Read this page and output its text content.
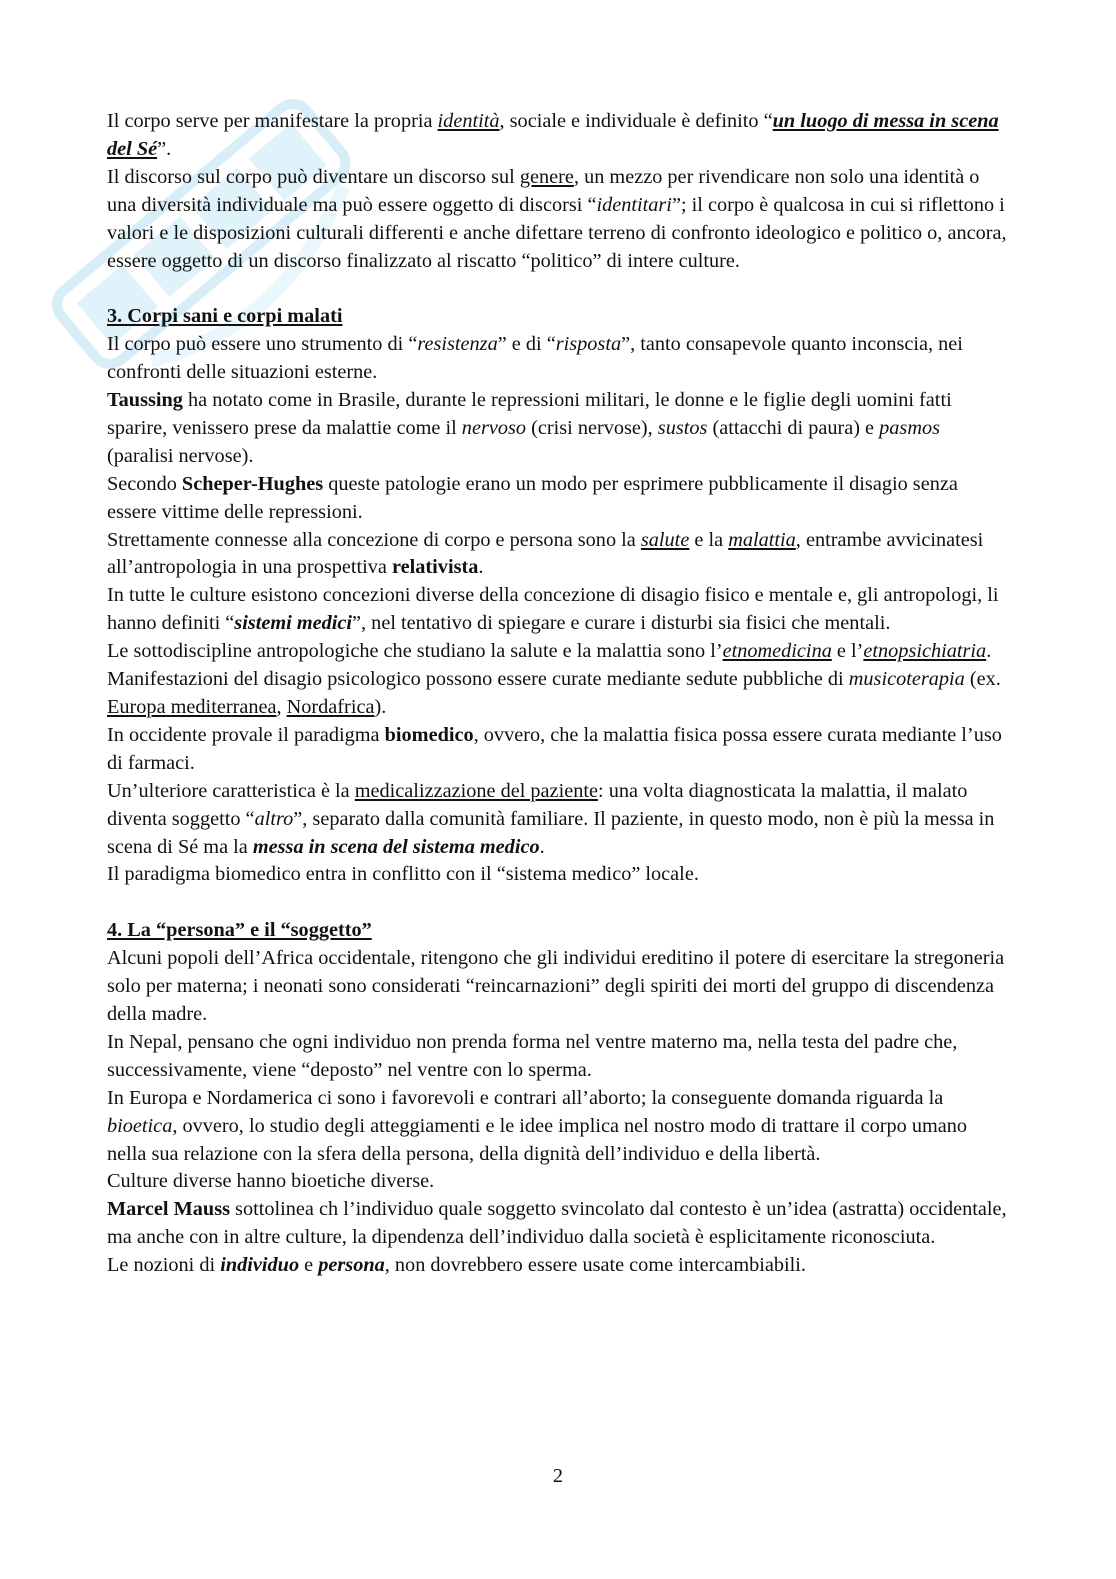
Il corpo serve per manifestare la propria identità, sociale e individuale è definito “un luogo di messa in scena del Sé”.

Il discorso sul corpo può diventare un discorso sul genere, un mezzo per rivendicare non solo una identità o una diversità individuale ma può essere oggetto di discorsi “identitari”; il corpo è qualcosa in cui si riflettono i valori e le disposizioni culturali differenti e anche difettare terreno di confronto ideologico e politico o, ancora, essere oggetto di un discorso finalizzato al riscatto “politico” di intere culture.

3. Corpi sani e corpi malati

Il corpo può essere uno strumento di “resistenza” e di “risposta”, tanto consapevole quanto inconscia, nei confronti delle situazioni esterne.

Taussing ha notato come in Brasile, durante le repressioni militari, le donne e le figlie degli uomini fatti sparire, venissero prese da malattie come il nervoso (crisi nervose), sustos (attacchi di paura) e pasmos (paralisi nervose).

Secondo Scheper-Hughes queste patologie erano un modo per esprimere pubblicamente il disagio senza essere vittime delle repressioni.

Strettamente connesse alla concezione di corpo e persona sono la salute e la malattia, entrambe avvicinatesi all’antropologia in una prospettiva relativista.

In tutte le culture esistono concezioni diverse della concezione di disagio fisico e mentale e, gli antropologi, li hanno definiti “sistemi medici”, nel tentativo di spiegare e curare i disturbi sia fisici che mentali.

Le sottodiscipline antropologiche che studiano la salute e la malattia sono l’etnomedicina e l’etnopsichiatria.

Manifestazioni del disagio psicologico possono essere curate mediante sedute pubbliche di musicoterapia (ex. Europa mediterranea, Nordafrica).

In occidente provale il paradigma biomedico, ovvero, che la malattia fisica possa essere curata mediante l’uso di farmaci.

Un’ulteriore caratteristica è la medicalizzazione del paziente: una volta diagnosticata la malattia, il malato diventa soggetto “altro”, separato dalla comunità familiare. Il paziente, in questo modo, non è più la messa in scena di Sé ma la messa in scena del sistema medico.

Il paradigma biomedico entra in conflitto con il “sistema medico” locale.

4. La “persona” e il “soggetto”

Alcuni popoli dell’Africa occidentale, ritengono che gli individui ereditino il potere di esercitare la stregoneria solo per materna; i neonati sono considerati “reincarnazioni” degli spiriti dei morti del gruppo di discendenza della madre.

In Nepal, pensano che ogni individuo non prenda forma nel ventre materno ma, nella testa del padre che, successivamente, viene “deposto” nel ventre con lo sperma.

In Europa e Nordamerica ci sono i favorevoli e contrari all’aborto; la conseguente domanda riguarda la bioetica, ovvero, lo studio degli atteggiamenti e le idee implica nel nostro modo di trattare il corpo umano nella sua relazione con la sfera della persona, della dignità dell’individuo e della libertà.

Culture diverse hanno bioetiche diverse.

Marcel Mauss sottolinea ch l’individuo quale soggetto svincolato dal contesto è un’idea (astratta) occidentale, ma anche con in altre culture, la dipendenza dell’individuo dalla società è esplicitamente riconosciuta.

Le nozioni di individuo e persona, non dovrebbero essere usate come intercambiabili.

2
